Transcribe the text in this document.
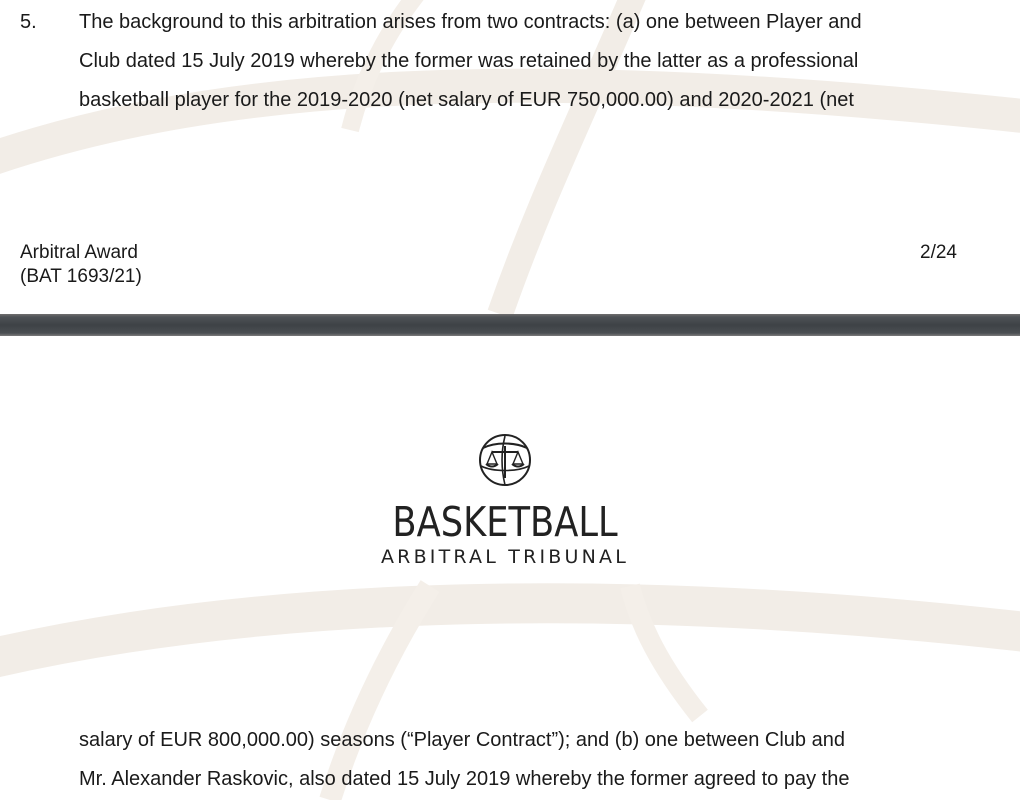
5. The background to this arbitration arises from two contracts: (a) one between Player and
Club dated 15 July 2019 whereby the former was retained by the latter as a professional
basketball player for the 2019-2020 (net salary of EUR 750,000.00) and 2020-2021 (net
Arbitral Award
(BAT 1693/21)
2/24
BASKETBALL
ARBITRAL TRIBUNAL
salary of EUR 800,000.00) seasons (“Player Contract”); and (b) one between Club and
Mr. Alexander Raskovic, also dated 15 July 2019 whereby the former agreed to pay the
